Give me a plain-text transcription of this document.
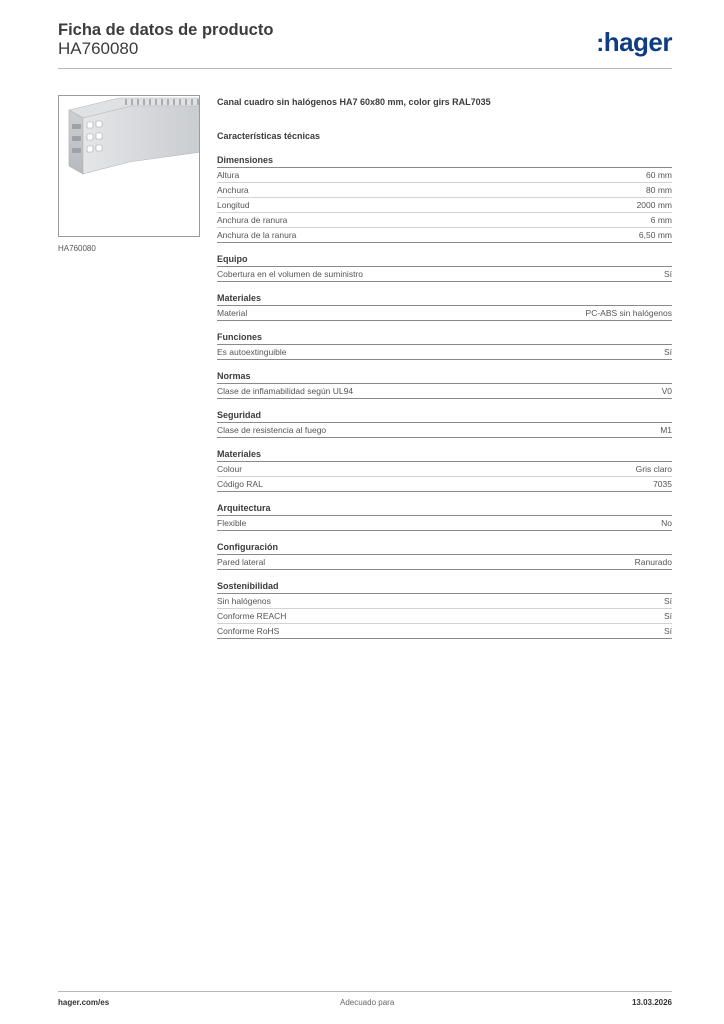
Ficha de datos de producto
HA760080	:hager
HA760080
Canal cuadro sin halógenos HA7 60x80 mm, color girs RAL7035
Características técnicas
Dimensiones
Altura	60 mm
Anchura	80 mm
Longitud	2000 mm
Anchura de ranura	6 mm
Anchura de la ranura	6,50 mm
Equipo
Cobertura en el volumen de suministro	Sí
Materiales
Material	PC-ABS sin halógenos
Funciones
Es autoextinguible	Sí
Normas
Clase de inflamabilidad según UL94	V0
Seguridad
Clase de resistencia al fuego	M1
Materiales
Colour	Gris claro
Código RAL	7035
Arquitectura
Flexible	No
Configuración
Pared lateral	Ranurado
Sostenibilidad
Sin halógenos	Sí
Conforme REACH	Sí
Conforme RoHS	Sí
hager.com/es	Adecuado para	13.03.2026
